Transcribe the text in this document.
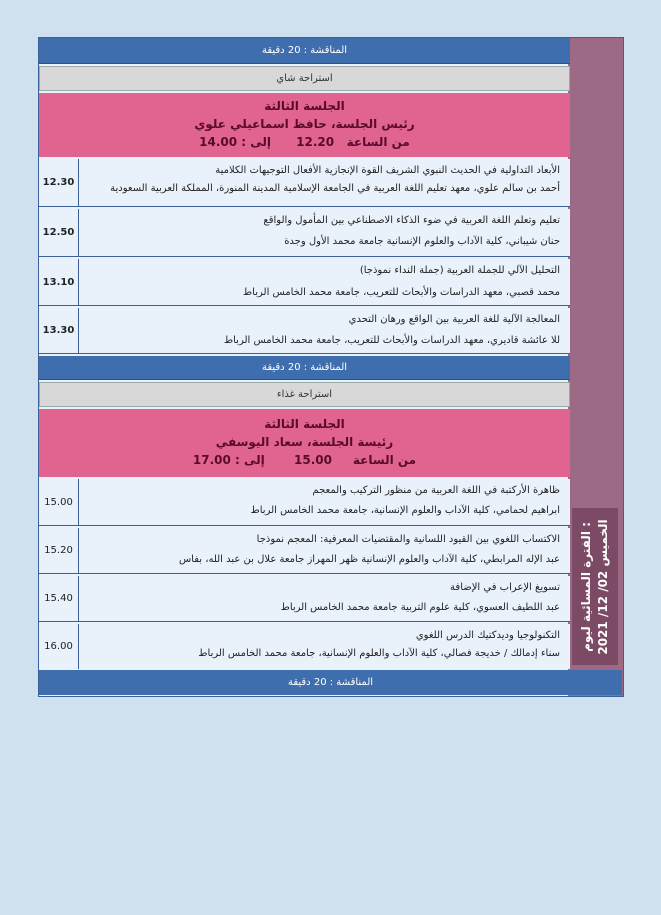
الفترة المسائية ليوم :
الخميس 02/ 12/ 2021
المناقشة : 20 دقيقة
استراحة شاي
الجلسة الثالثة
رئيس الجلسة، حافظ اسماعيلي علوي
من الساعة   12.20      إلى : 14.00
12.30
الأبعاد التداولية في الحديث النبوي الشريف القوة الإنجازية الأفعال التوجيهات الكلامية
أحمد بن سالم علوي، معهد تعليم اللغة العربية في الجامعة الإسلامية المدينة المنورة، المملكة العربية السعودية
12.50
تعليم وتعلم اللغة العربية في ضوء الذكاء الاصطناعي بين المأمول والواقع
حنان شيباني، كلية الآداب والعلوم الإنسانية جامعة محمد الأول وجدة
13.10
التحليل الآلي للجملة العربية (جملة النداء نموذجا)
محمد قصبي، معهد الدراسات والأبحاث للتعريب، جامعة محمد الخامس الرباط
13.30
المعالجة الآلية للغة العربية بين الواقع ورهان التحدي
للا عائشة قاديري، معهد الدراسات والأبحاث للتعريب، جامعة محمد الخامس الرباط
المناقشة : 20 دقيقة
استراحة غذاء
الجلسة الثالثة
رئيسة الجلسة، سعاد اليوسفي
من الساعة     15.00       إلى : 17.00
15.00
ظاهرة الأركتبة في اللغة العربية من منظور التركيب والمعجم
ابراهيم لحمامي، كلية الآداب والعلوم الإنسانية، جامعة محمد الخامس الرباط
15.20
الاكتساب اللغوي بين القيود اللسانية والمقتضيات المعرفية: المعجم نموذجا
عبد الإله المرابطي، كلية الآداب والعلوم الإنسانية ظهر المهراز جامعة علال بن عبد الله، بفاس
15.40
تسويغ الإعراب في الإضافة
عبد اللطيف العسوي، كلية علوم التربية جامعة محمد الخامس الرباط
16.00
التكنولوجيا وديدكتيك الدرس اللغوي
سناء إدمالك / خديجة فصالي، كلية الآداب والعلوم الإنسانية، جامعة محمد الخامس الرباط
المناقشة : 20 دقيقة
